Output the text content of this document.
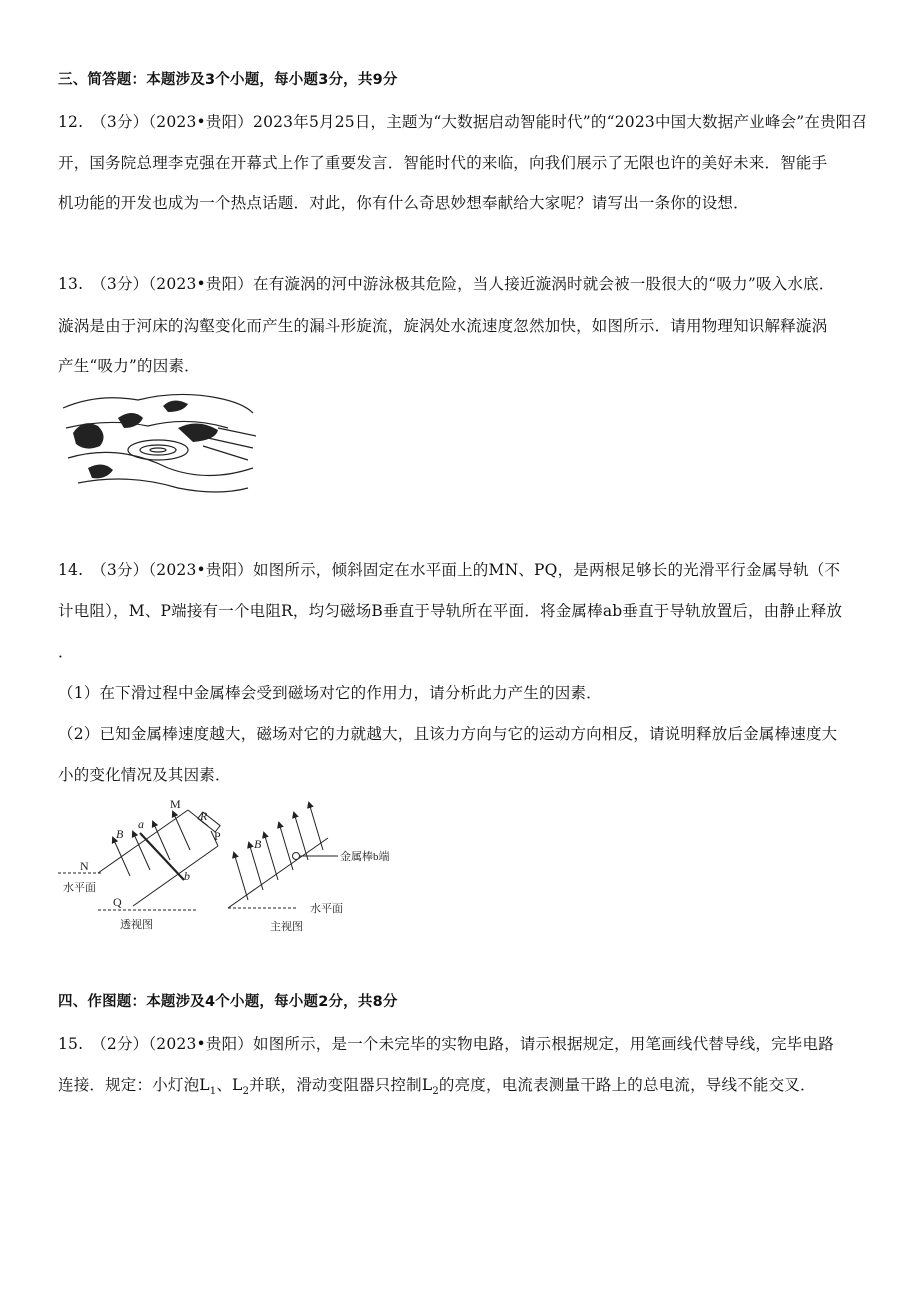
三、简答题：本题涉及3个小题，每小题3分，共9分
12.　（3分）（2023•贵阳）2023年5月25日，主题为“大数据启动智能时代”的“2023中国大数据产业峰会”在贵阳召
开，国务院总理李克强在开幕式上作了重要发言．智能时代的来临，向我们展示了无限也许的美好未来．智能手
机功能的开发也成为一个热点话题．对此，你有什么奇思妙想奉献给大家呢？请写出一条你的设想．
13.　（3分）（2023•贵阳）在有漩涡的河中游泳极其危险，当人接近漩涡时就会被一股很大的“吸力”吸入水底．
漩涡是由于河床的沟壑变化而产生的漏斗形旋流，旋涡处水流速度忽然加快，如图所示．请用物理知识解释漩涡
产生“吸力”的因素．
14.　（3分）（2023•贵阳）如图所示，倾斜固定在水平面上的MN、PQ，是两根足够长的光滑平行金属导轨（不
计电阻），M、P端接有一个电阻R，均匀磁场B垂直于导轨所在平面．将金属棒ab垂直于导轨放置后，由静止释放
．
（1）在下滑过程中金属棒会受到磁场对它的作用力，请分析此力产生的因素．
（2）已知金属棒速度越大，磁场对它的力就越大，且该力方向与它的运动方向相反，请说明释放后金属棒速度大
小的变化情况及其因素．
M
R
P
B
a
N
b
Q
水平面
透视图
B
金属棒b端
水平面
主视图
四、作图题：本题涉及4个小题，每小题2分，共8分
15.　（2分）（2023•贵阳）如图所示，是一个未完毕的实物电路，请示根据规定，用笔画线代替导线，完毕电路
连接．规定：小灯泡$L_1$、$L_2$并联，滑动变阻器只控制$L_2$的亮度，电流表测量干路上的总电流，导线不能交叉．
